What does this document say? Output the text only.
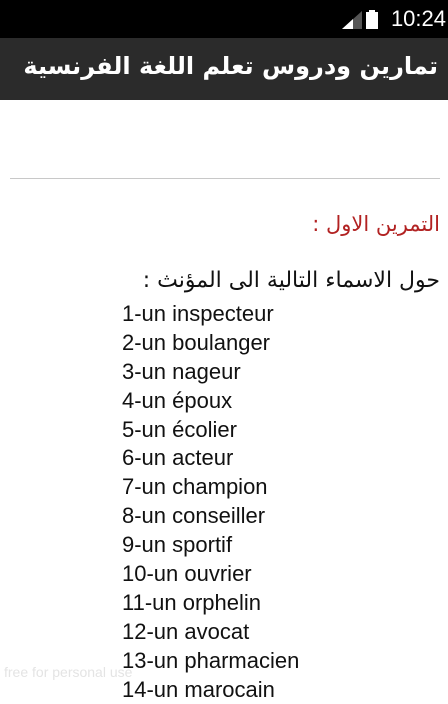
10:24
تمارين ودروس تعلم اللغة الفرنسية
التمرين الاول :
حول الاسماء التالية الى المؤنث :
1-un inspecteur
2-un boulanger
3-un nageur
4-un époux
5-un écolier
6-un acteur
7-un champion
8-un conseiller
9-un sportif
10-un ouvrier
11-un orphelin
12-un avocat
13-un pharmacien
14-un marocain
free for personal use
